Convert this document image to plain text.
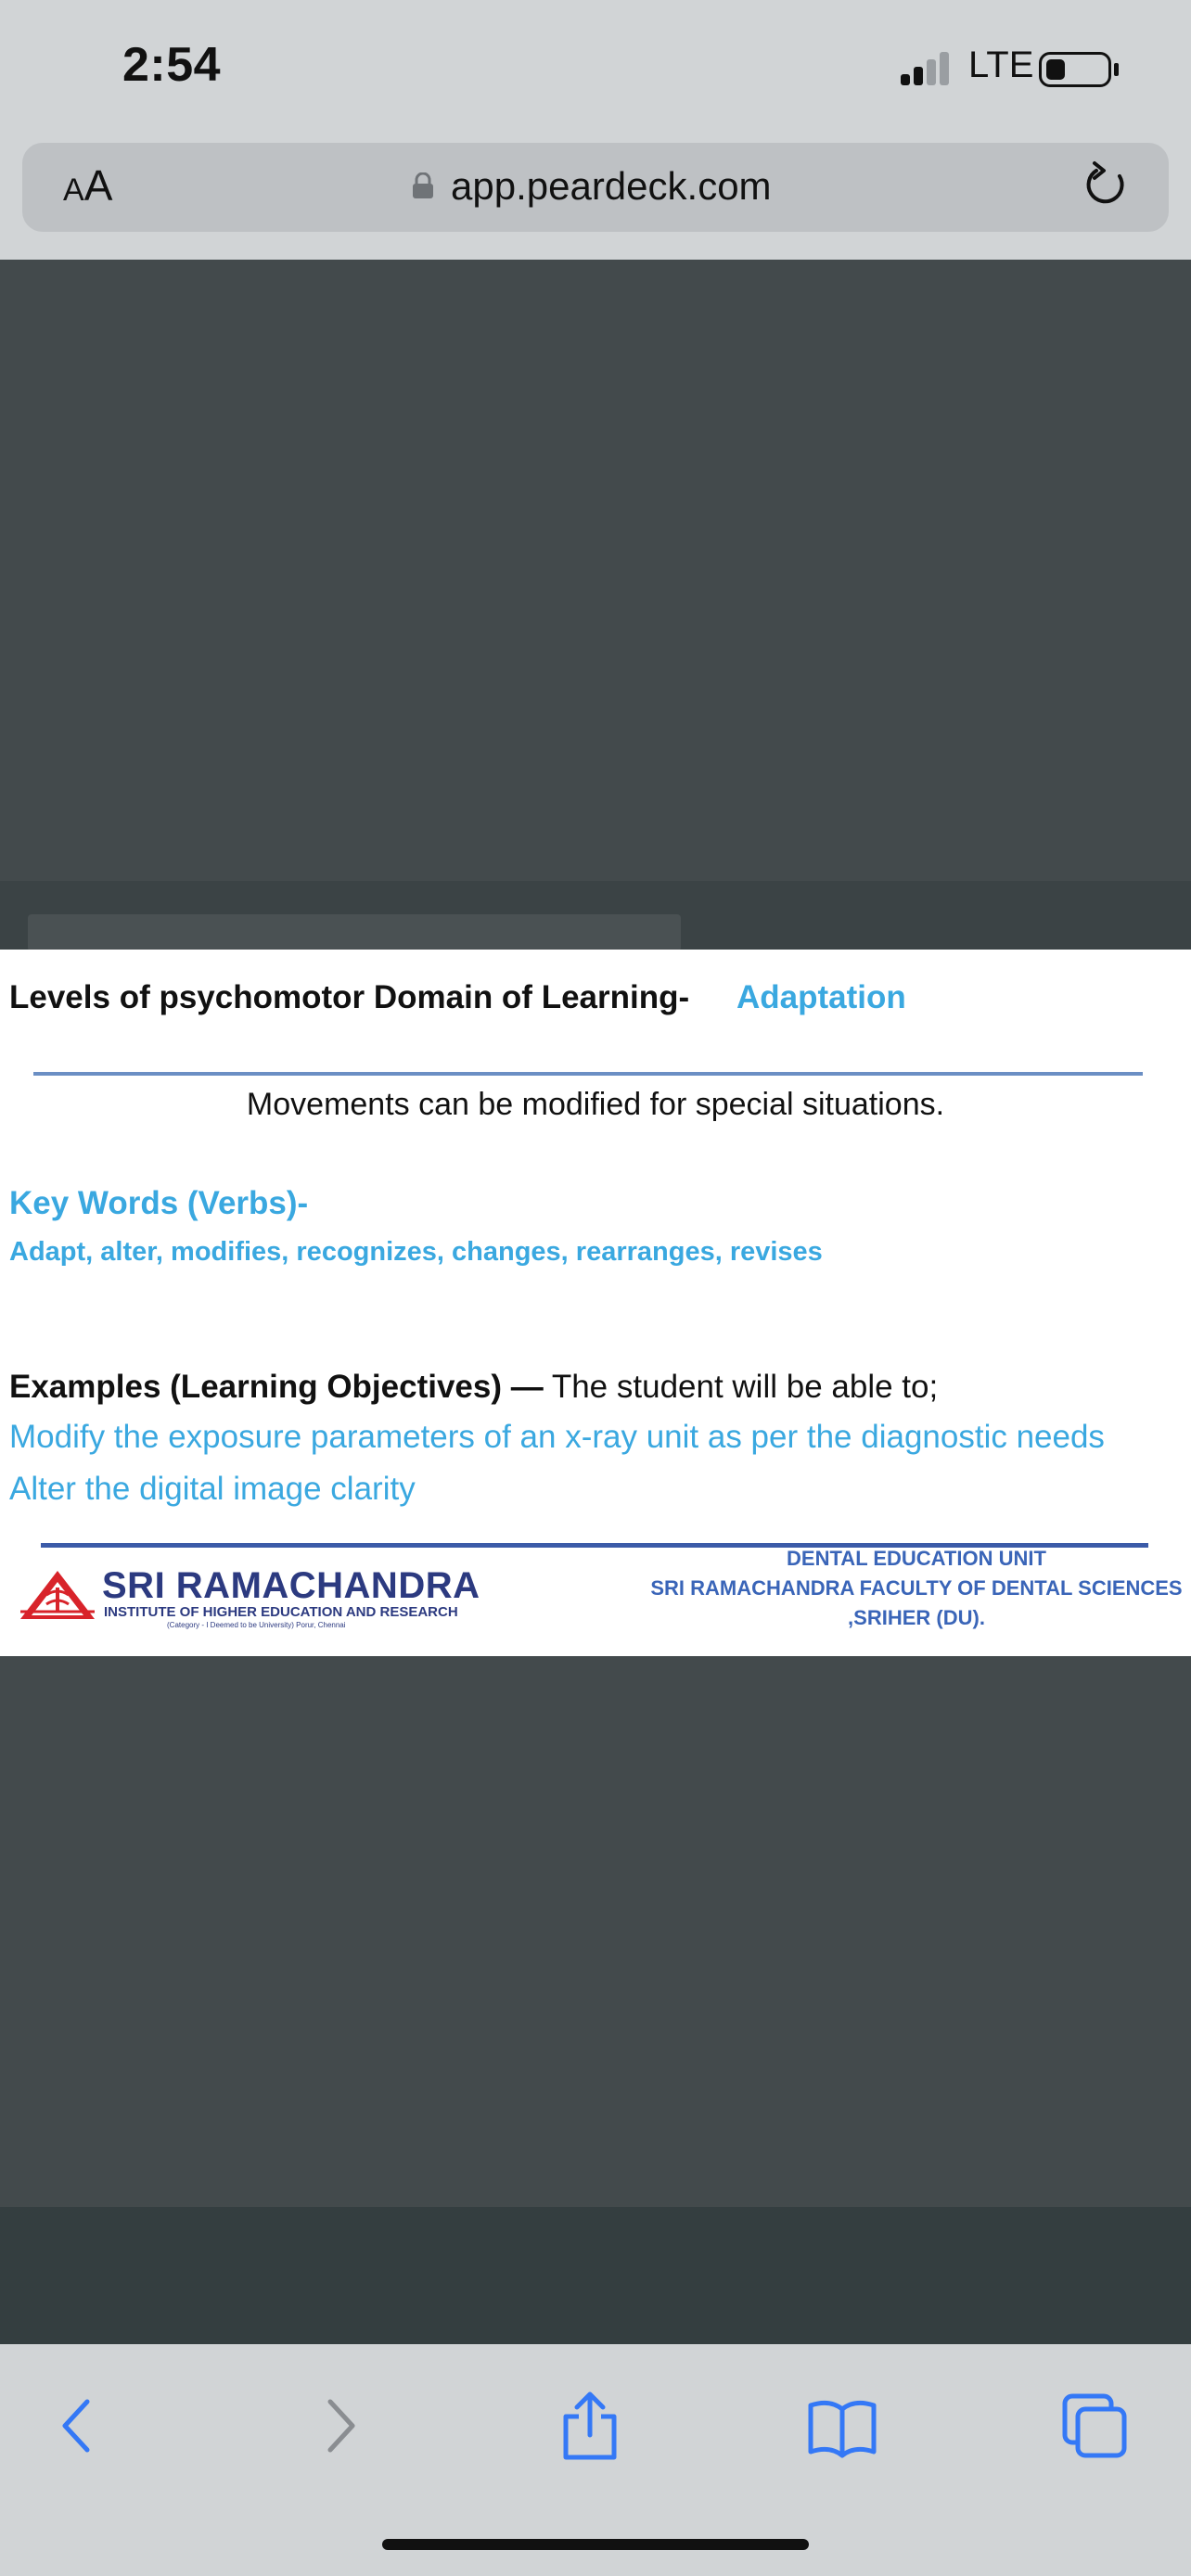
2:54	LTE
AA	app.peardeck.com
Levels of psychomotor Domain of Learning- Adaptation
Movements can be modified for special situations.
Key Words (Verbs)-
Adapt, alter, modifies, recognizes, changes, rearranges, revises
Examples (Learning Objectives) — The student will be able to;
Modify the exposure parameters of an x-ray unit as per the diagnostic needs
Alter the digital image clarity
SRI RAMACHANDRA
INSTITUTE OF HIGHER EDUCATION AND RESEARCH
(Category - I Deemed to be University) Porur, Chennai
DENTAL EDUCATION UNIT
SRI RAMACHANDRA FACULTY OF DENTAL SCIENCES
,SRIHER (DU).
